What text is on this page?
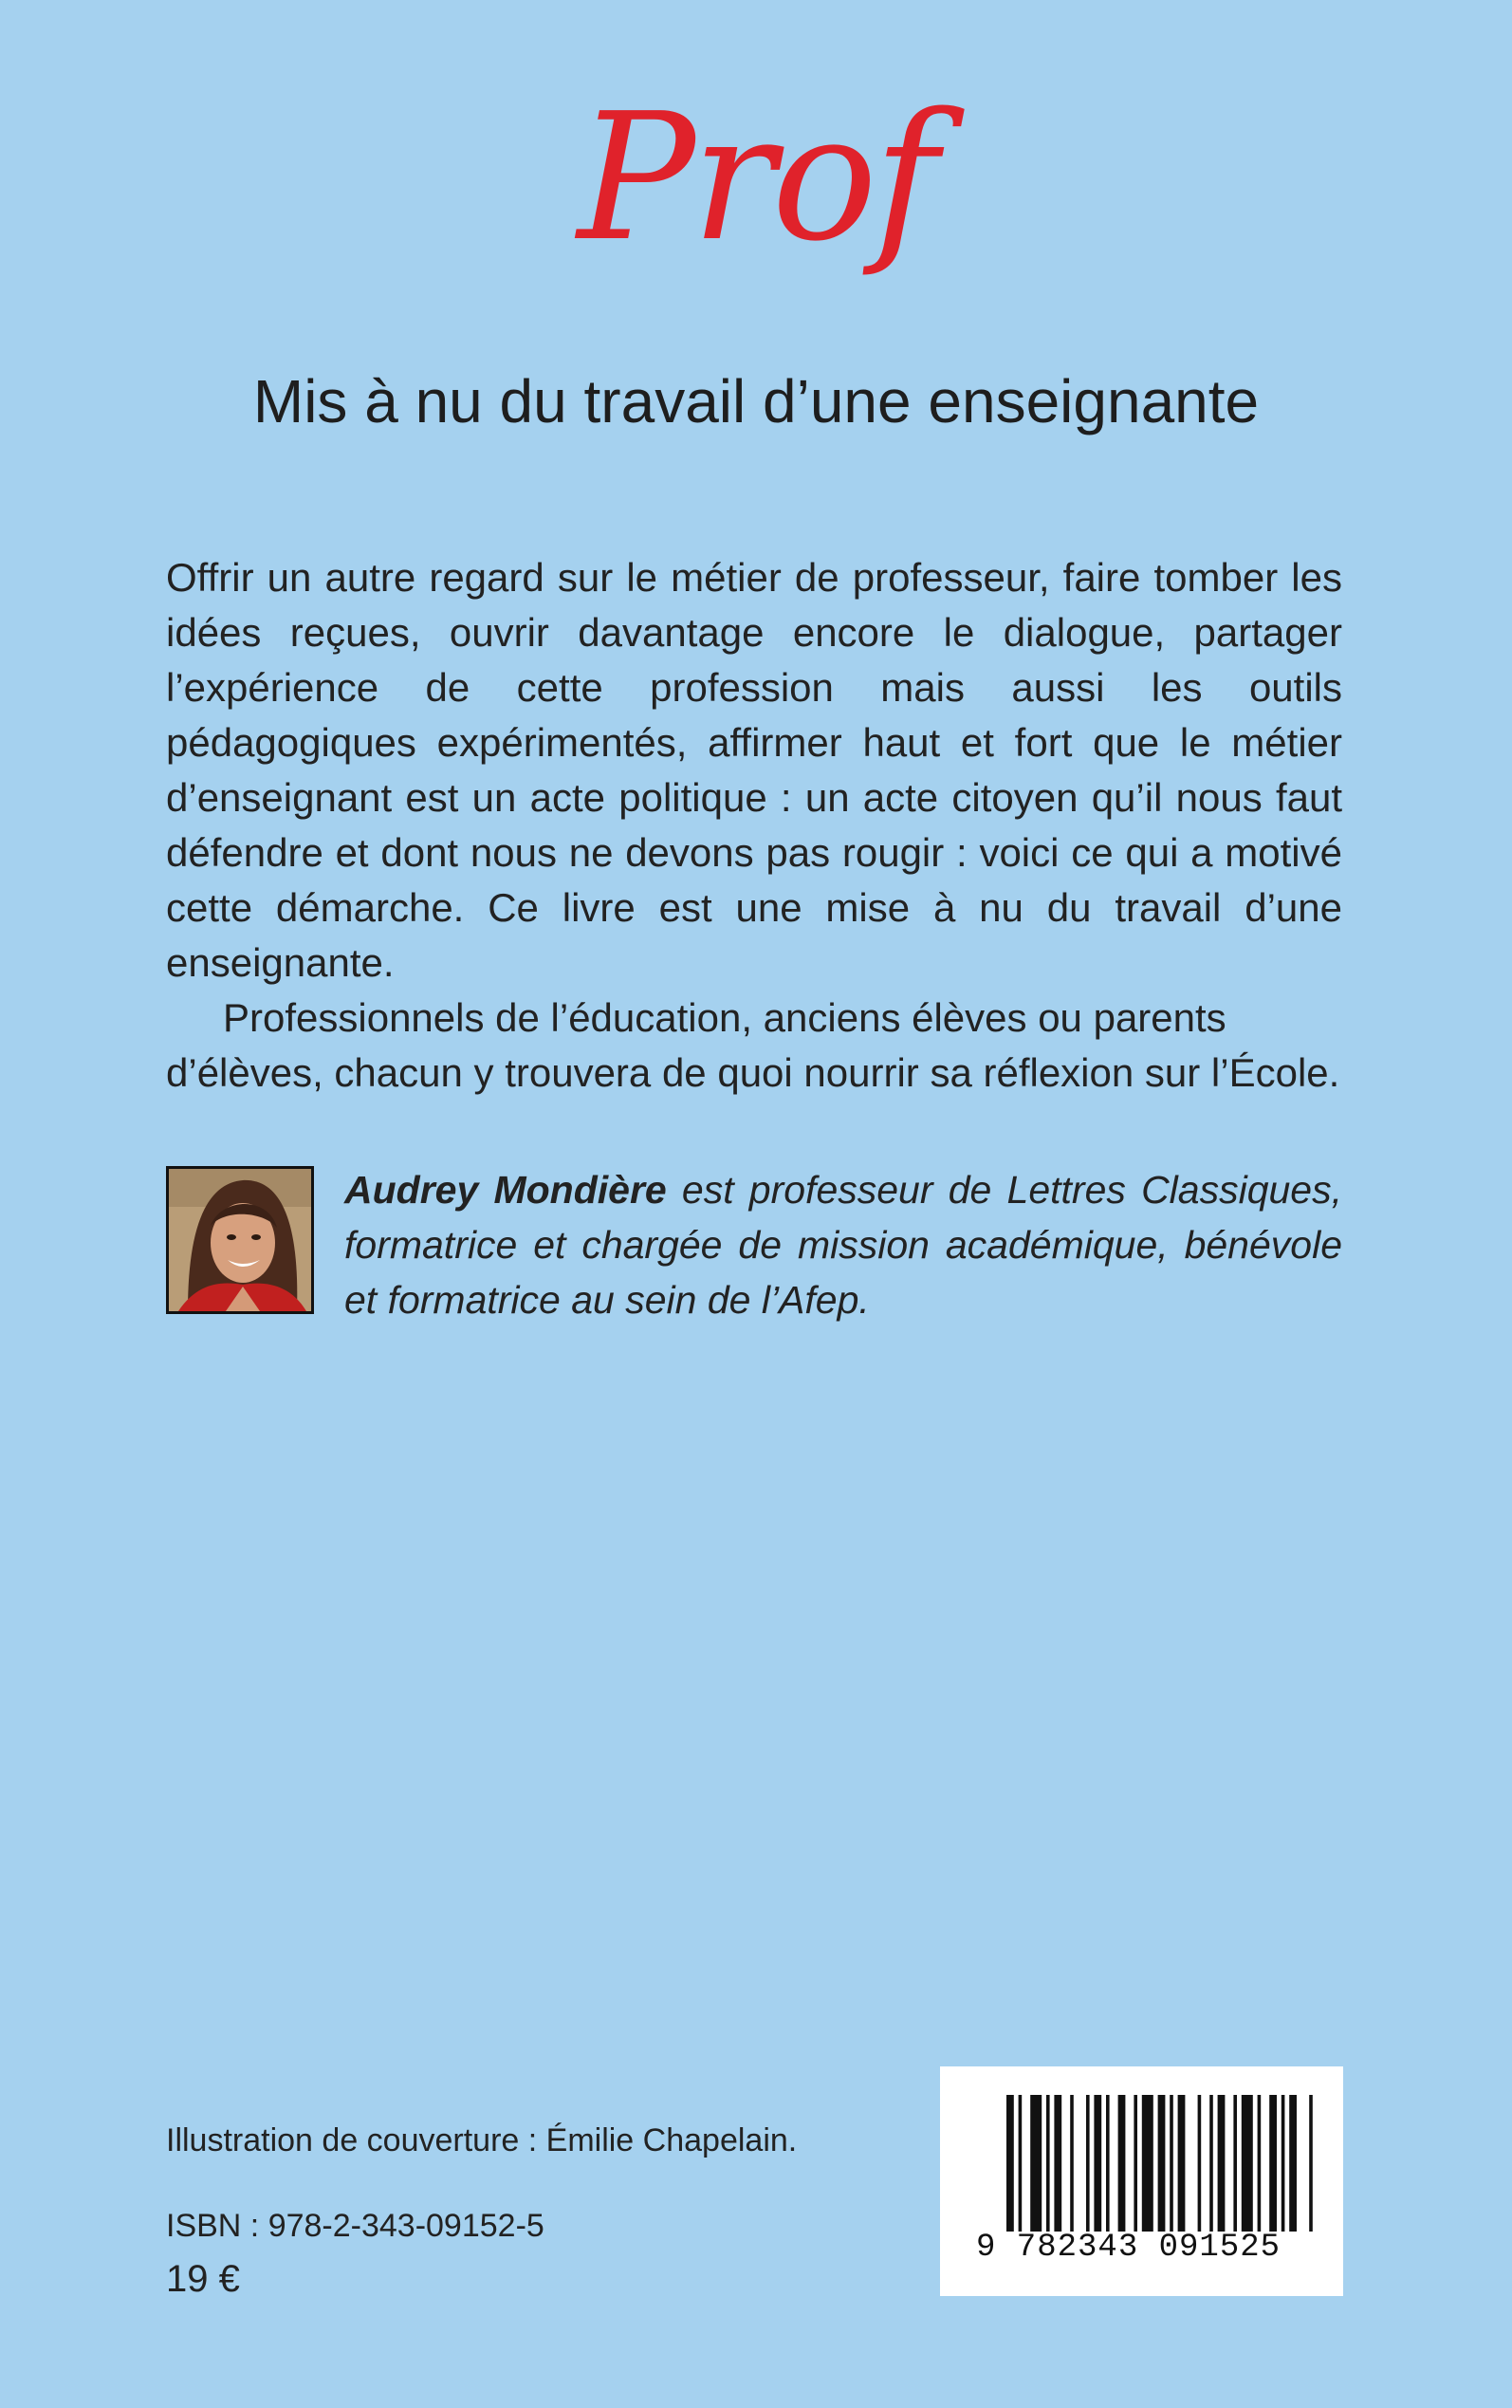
Prof
Mis à nu du travail d’une enseignante

Offrir un autre regard sur le métier de professeur, faire tomber les idées reçues, ouvrir davantage encore le dialogue, partager l’expérience de cette profession mais aussi les outils pédagogiques expérimentés, affirmer haut et fort que le métier d’enseignant est un acte politique : un acte citoyen qu’il nous faut défendre et dont nous ne devons pas rougir : voici ce qui a motivé cette démarche. Ce livre est une mise à nu du travail d’une enseignante.

Professionnels de l’éducation, anciens élèves ou parents d’élèves, chacun y trouvera de quoi nourrir sa réflexion sur l’École.

Audrey Mondière est professeur de Lettres Classiques, formatrice et chargée de mission académique, bénévole et formatrice au sein de l’Afep.
Illustration de couverture : Émilie Chapelain.
ISBN : 978-2-343-09152-5
19 €
9 782343 091525
